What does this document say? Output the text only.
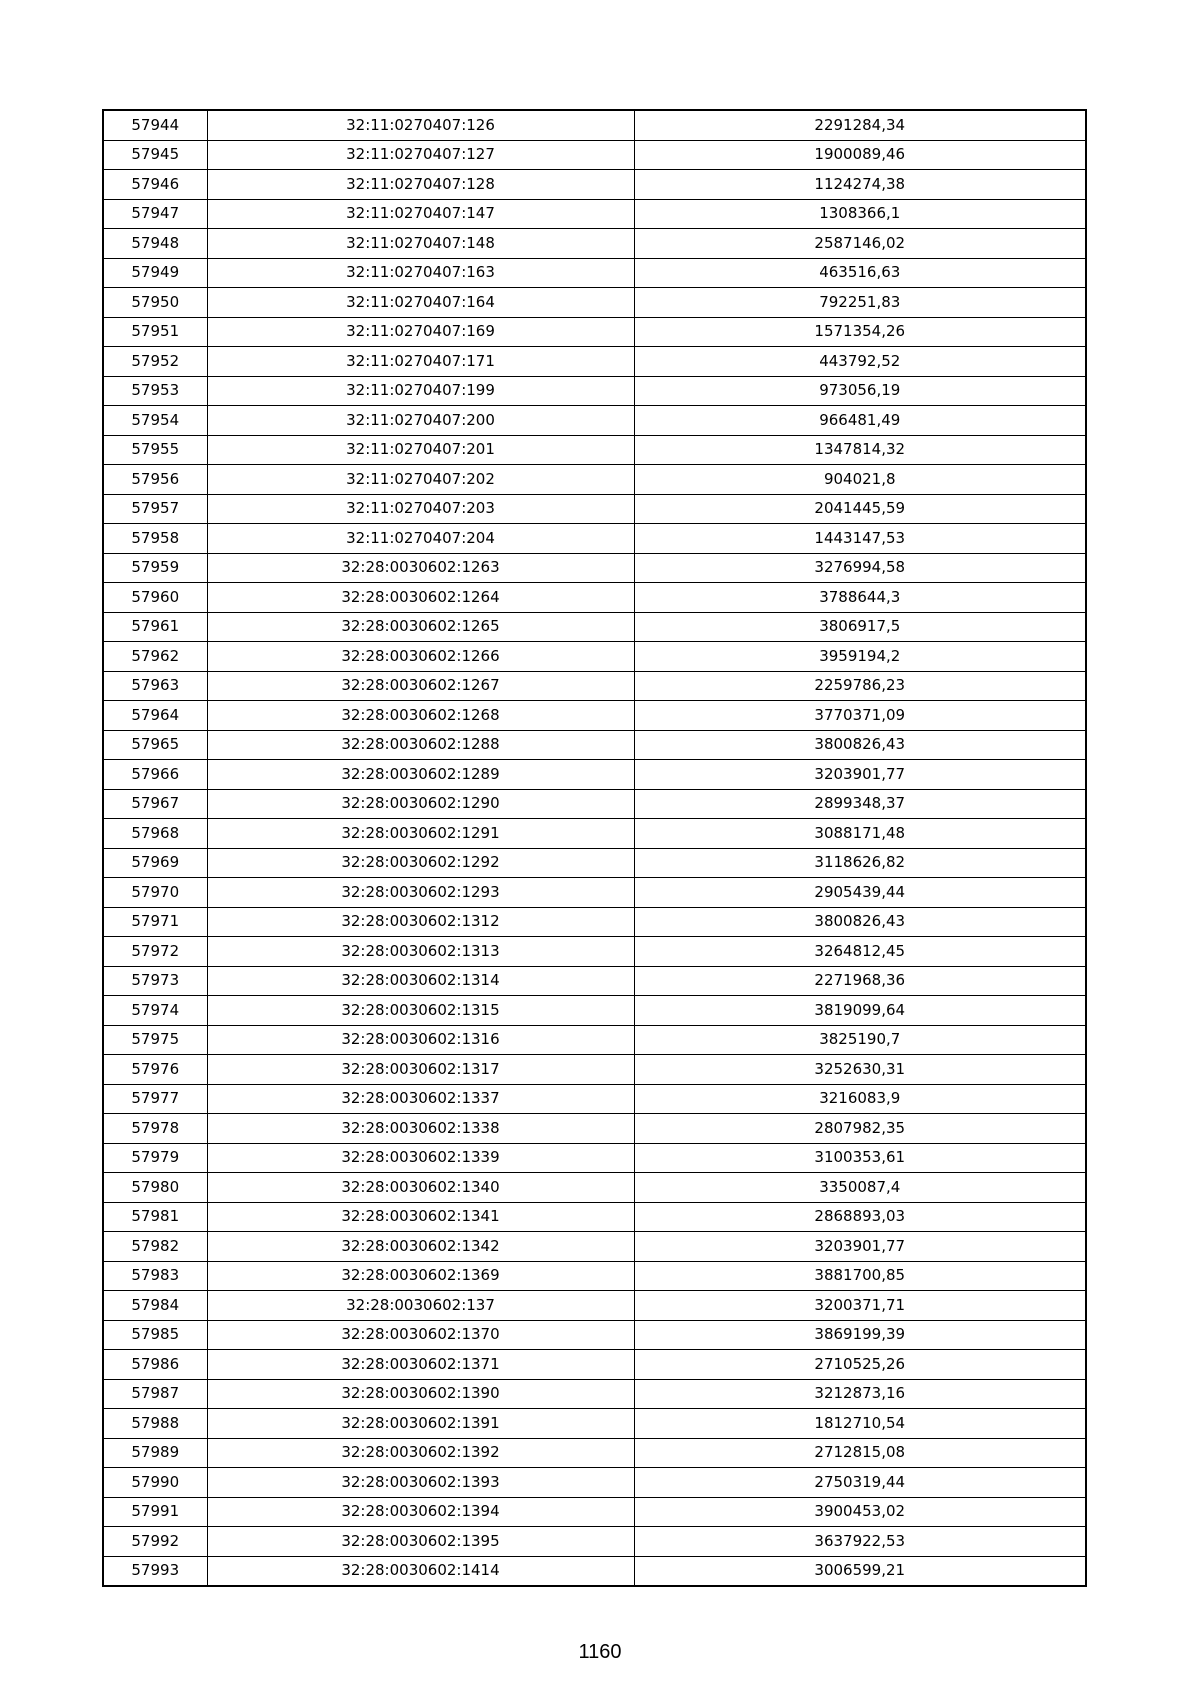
57944	32:11:0270407:126	2291284,34
57945	32:11:0270407:127	1900089,46
57946	32:11:0270407:128	1124274,38
57947	32:11:0270407:147	1308366,1
57948	32:11:0270407:148	2587146,02
57949	32:11:0270407:163	463516,63
57950	32:11:0270407:164	792251,83
57951	32:11:0270407:169	1571354,26
57952	32:11:0270407:171	443792,52
57953	32:11:0270407:199	973056,19
57954	32:11:0270407:200	966481,49
57955	32:11:0270407:201	1347814,32
57956	32:11:0270407:202	904021,8
57957	32:11:0270407:203	2041445,59
57958	32:11:0270407:204	1443147,53
57959	32:28:0030602:1263	3276994,58
57960	32:28:0030602:1264	3788644,3
57961	32:28:0030602:1265	3806917,5
57962	32:28:0030602:1266	3959194,2
57963	32:28:0030602:1267	2259786,23
57964	32:28:0030602:1268	3770371,09
57965	32:28:0030602:1288	3800826,43
57966	32:28:0030602:1289	3203901,77
57967	32:28:0030602:1290	2899348,37
57968	32:28:0030602:1291	3088171,48
57969	32:28:0030602:1292	3118626,82
57970	32:28:0030602:1293	2905439,44
57971	32:28:0030602:1312	3800826,43
57972	32:28:0030602:1313	3264812,45
57973	32:28:0030602:1314	2271968,36
57974	32:28:0030602:1315	3819099,64
57975	32:28:0030602:1316	3825190,7
57976	32:28:0030602:1317	3252630,31
57977	32:28:0030602:1337	3216083,9
57978	32:28:0030602:1338	2807982,35
57979	32:28:0030602:1339	3100353,61
57980	32:28:0030602:1340	3350087,4
57981	32:28:0030602:1341	2868893,03
57982	32:28:0030602:1342	3203901,77
57983	32:28:0030602:1369	3881700,85
57984	32:28:0030602:137	3200371,71
57985	32:28:0030602:1370	3869199,39
57986	32:28:0030602:1371	2710525,26
57987	32:28:0030602:1390	3212873,16
57988	32:28:0030602:1391	1812710,54
57989	32:28:0030602:1392	2712815,08
57990	32:28:0030602:1393	2750319,44
57991	32:28:0030602:1394	3900453,02
57992	32:28:0030602:1395	3637922,53
57993	32:28:0030602:1414	3006599,21
1160
